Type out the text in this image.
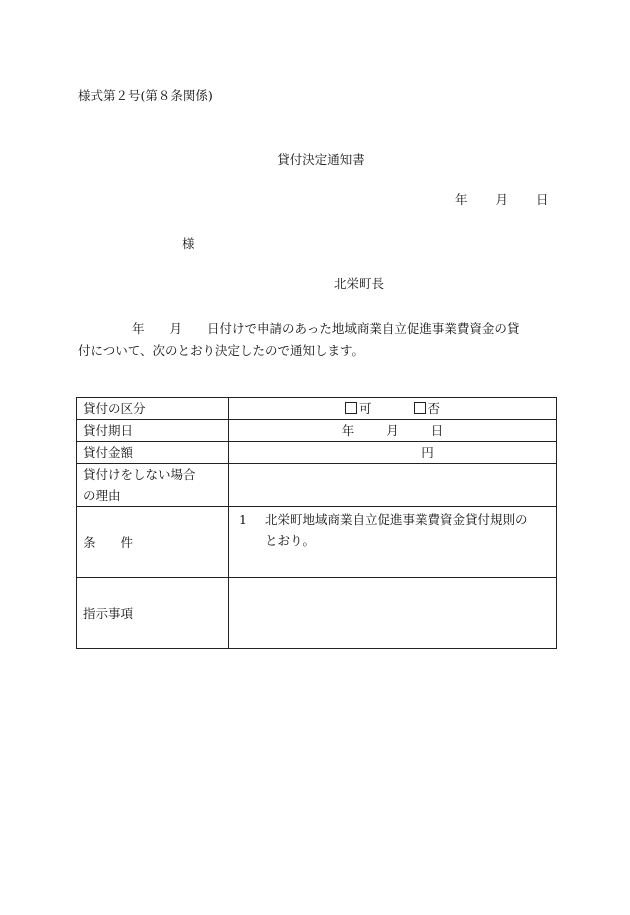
様式第２号(第８条関係)
貸付決定通知書
年 月 日
様
北栄町長
年　　月　　日付けで申請のあった地域商業自立促進事業費資金の貸
付について、次のとおり決定したので通知します。
貸付の区分	可 否
貸付期日	年 月 日
貸付金額	円

貸付けをしない場合
の理由	

条　　件	1 北栄町地域商業自立促進事業費資金貸付規則の
とおり。

指示事項	
